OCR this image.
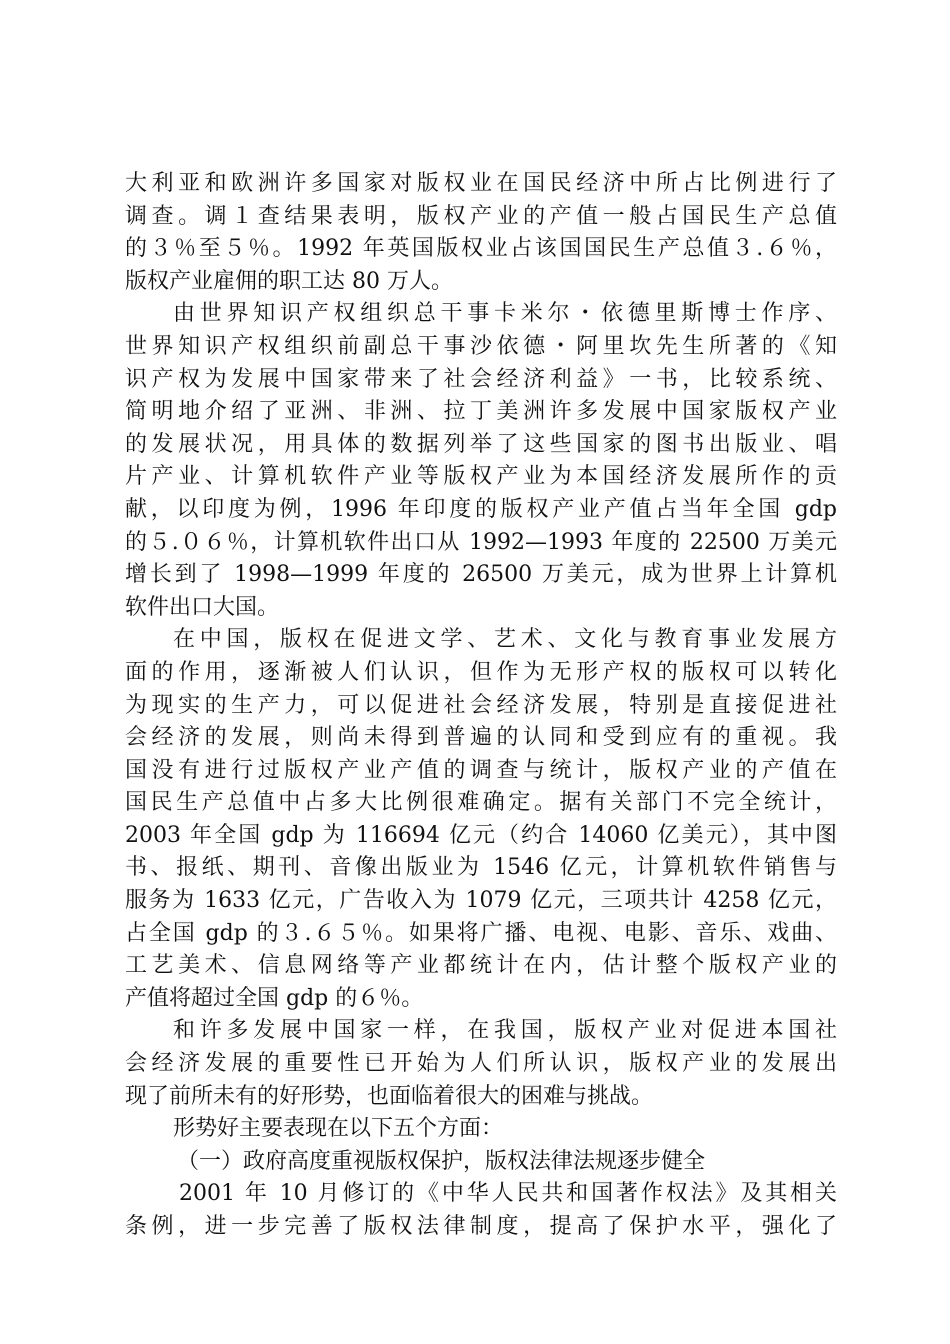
大利亚和欧洲许多国家对版权业在国民经济中所占比例进行了
调查。调１查结果表明，版权产业的产值一般占国民生产总值
的３％至５％。1992 年英国版权业占该国国民生产总值３.６％，
版权产业雇佣的职工达 80 万人。
由世界知识产权组织总干事卡米尔・依德里斯博士作序、
世界知识产权组织前副总干事沙依德・阿里坎先生所著的《知
识产权为发展中国家带来了社会经济利益》一书，比较系统、
简明地介绍了亚洲、非洲、拉丁美洲许多发展中国家版权产业
的发展状况，用具体的数据列举了这些国家的图书出版业、唱
片产业、计算机软件产业等版权产业为本国经济发展所作的贡
献，以印度为例，1996 年印度的版权产业产值占当年全国 gdp
的５.０６％，计算机软件出口从 1992—1993 年度的 22500 万美元
增长到了 1998—1999 年度的 26500 万美元，成为世界上计算机
软件出口大国。
在中国，版权在促进文学、艺术、文化与教育事业发展方
面的作用，逐渐被人们认识，但作为无形产权的版权可以转化
为现实的生产力，可以促进社会经济发展，特别是直接促进社
会经济的发展，则尚未得到普遍的认同和受到应有的重视。我
国没有进行过版权产业产值的调查与统计，版权产业的产值在
国民生产总值中占多大比例很难确定。据有关部门不完全统计，
2003 年全国 gdp 为 116694 亿元（约合 14060 亿美元），其中图
书、报纸、期刊、音像出版业为 1546 亿元，计算机软件销售与
服务为 1633 亿元，广告收入为 1079 亿元，三项共计 4258 亿元，
占全国 gdp 的３.６５％。如果将广播、电视、电影、音乐、戏曲、
工艺美术、信息网络等产业都统计在内，估计整个版权产业的
产值将超过全国 gdp 的６％。
和许多发展中国家一样，在我国，版权产业对促进本国社
会经济发展的重要性已开始为人们所认识，版权产业的发展出
现了前所未有的好形势，也面临着很大的困难与挑战。
形势好主要表现在以下五个方面：
（一）政府高度重视版权保护，版权法律法规逐步健全
2001 年 10 月修订的《中华人民共和国著作权法》及其相关
条例，进一步完善了版权法律制度，提高了保护水平，强化了
